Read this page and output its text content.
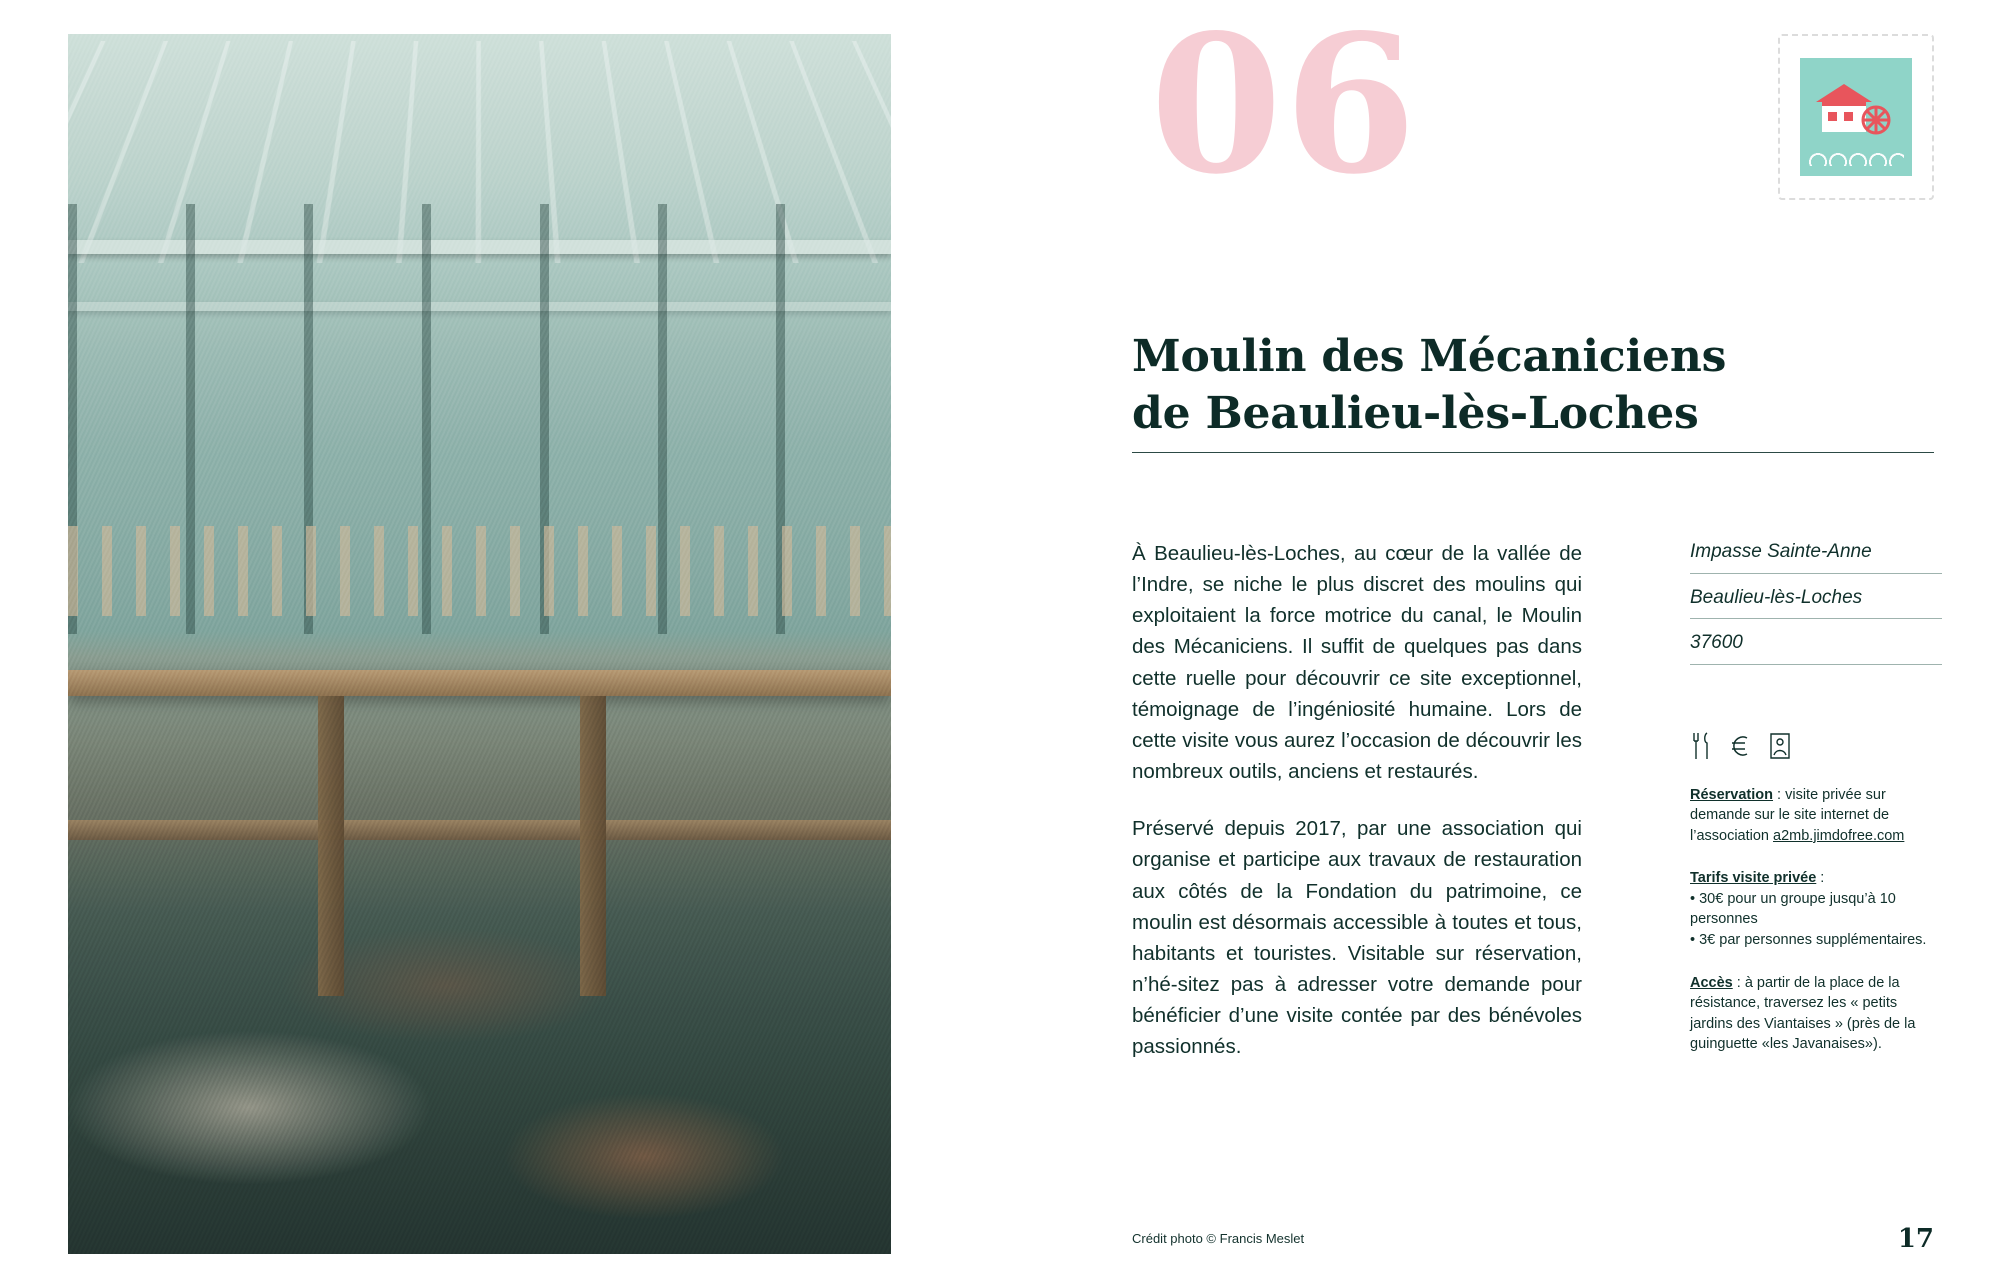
06
Moulin des Mécaniciens
de Beaulieu-lès-Loches

À Beaulieu-lès-Loches, au cœur de la vallée de l’Indre, se niche le plus discret des moulins qui exploitaient la force motrice du canal, le Moulin des Mécaniciens. Il suffit de quelques pas dans cette ruelle pour découvrir ce site exceptionnel, témoignage de l’ingéniosité humaine. Lors de cette visite vous aurez l’occasion de découvrir les nombreux outils, anciens et restaurés.

Préservé depuis 2017, par une association qui organise et participe aux travaux de restauration aux côtés de la Fondation du patrimoine, ce moulin est désormais accessible à toutes et tous, habitants et touristes. Visitable sur réservation, n’hé-sitez pas à adresser votre demande pour bénéficier d’une visite contée par des bénévoles passionnés.

Impasse Sainte-Anne
Beaulieu-lès-Loches
37600
Réservation : visite privée sur demande sur le site internet de l’association a2mb.jimdofree.com
Tarifs visite privée :
• 30€ pour un groupe jusqu’à 10 personnes
• 3€ par personnes supplémentaires.
Accès : à partir de la place de la résistance, traversez les « petits jardins des Viantaises » (près de la guinguette «les Javanaises»).
Crédit photo © Francis Meslet	17
